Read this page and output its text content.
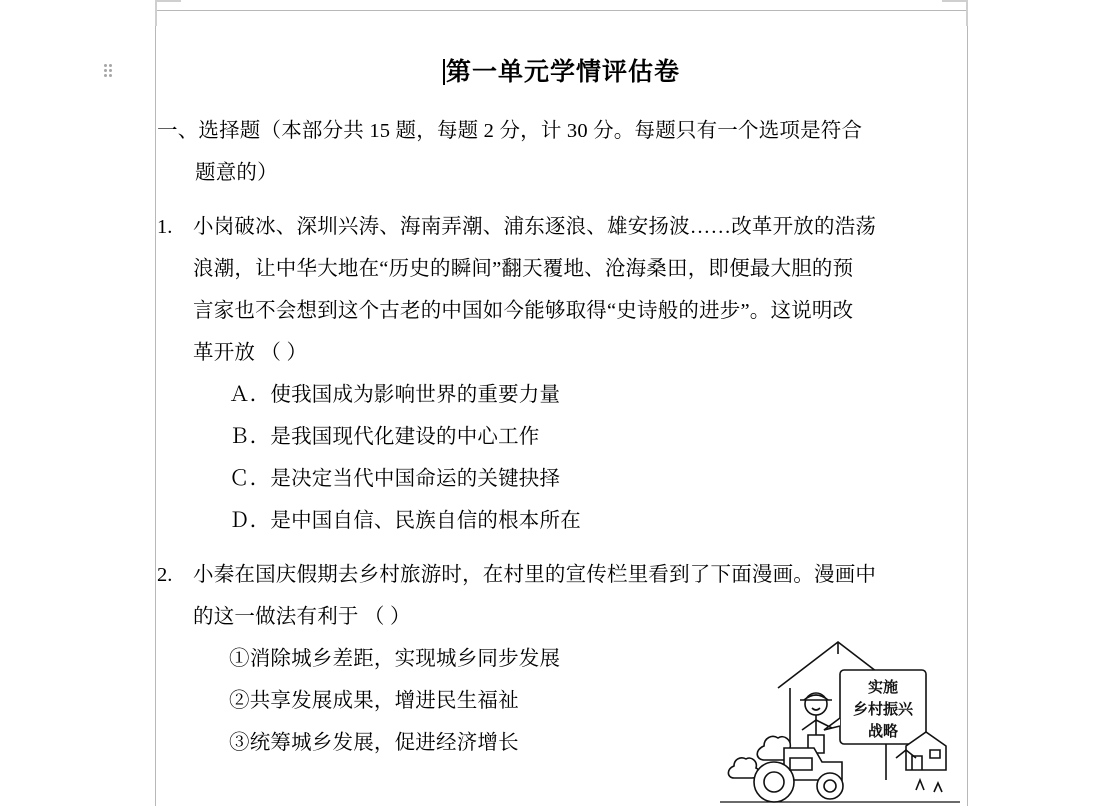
第一单元学情评估卷

一、选择题（本部分共 15 题，每题 2 分，计 30 分。每题只有一个选项是符合

题意的）

1.	小岗破冰、深圳兴涛、海南弄潮、浦东逐浪、雄安扬波……改革开放的浩荡

浪潮，让中华大地在“历史的瞬间”翻天覆地、沧海桑田，即便最大胆的预

言家也不会想到这个古老的中国如今能够取得“史诗般的进步”。这说明改

革开放 （ ）

Ａ．使我国成为影响世界的重要力量

Ｂ．是我国现代化建设的中心工作

Ｃ．是决定当代中国命运的关键抉择

Ｄ．是中国自信、民族自信的根本所在

2.	小秦在国庆假期去乡村旅游时，在村里的宣传栏里看到了下面漫画。漫画中

的这一做法有利于 （ ）

①消除城乡差距，实现城乡同步发展

②共享发展成果，增进民生福祉

③统筹城乡发展，促进经济增长

实施
乡村振兴
战略
